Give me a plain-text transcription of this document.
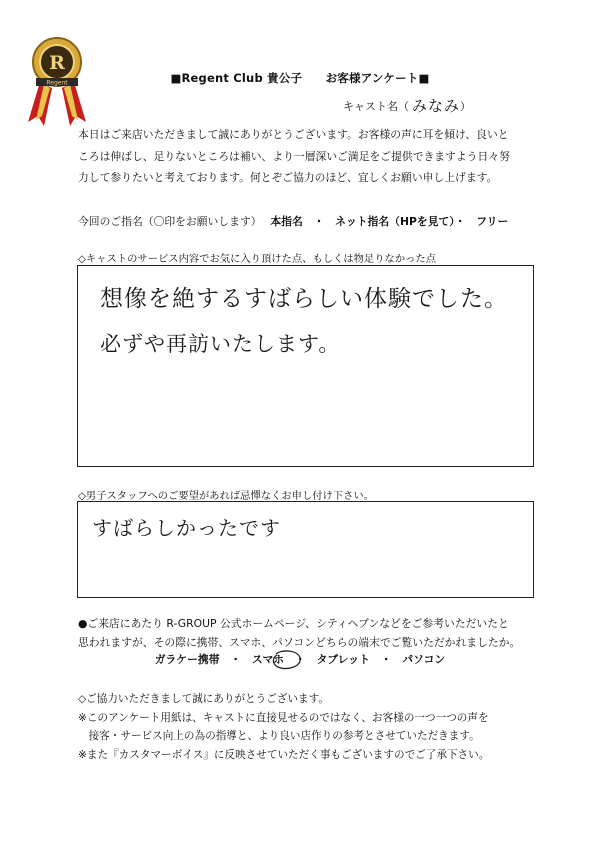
R
Regent	■Regent Club 貴公子　　お客様アンケート■
キャスト名（ みなみ ）
本日はご来店いただきまして誠にありがとうございます。お客様の声に耳を傾け、良いと
ころは伸ばし、足りないところは補い、より一層深いご満足をご提供できますよう日々努
力して参りたいと考えております。何とぞご協力のほど、宜しくお願い申し上げます。
今回のご指名（〇印をお願いします）　 本指名　・　ネット指名（HPを見て）・　フリー
◇キャストのサービス内容でお気に入り頂けた点、もしくは物足りなかった点
想像を絶するすばらしい体験でした。
必ずや再訪いたします。
◇男子スタッフへのご要望があれば忌憚なくお申し付け下さい。
すばらしかったです
●ご来店にあたり R-GROUP 公式ホームページ、シティヘブンなどをご参考いただいたと
思われますが、その際に携帯、スマホ、パソコンどちらの端末でご覧いただかれましたか。
ガラケー携帯　・　スマホ　・　タブレット　・　パソコン
◇ご協力いただきまして誠にありがとうございます。
※このアンケート用紙は、キャストに直接見せるのではなく、お客様の一つ一つの声を
　接客・サービス向上の為の指導と、より良い店作りの参考とさせていただきます。
※また『カスタマーボイス』に反映させていただく事もございますのでご了承下さい。
